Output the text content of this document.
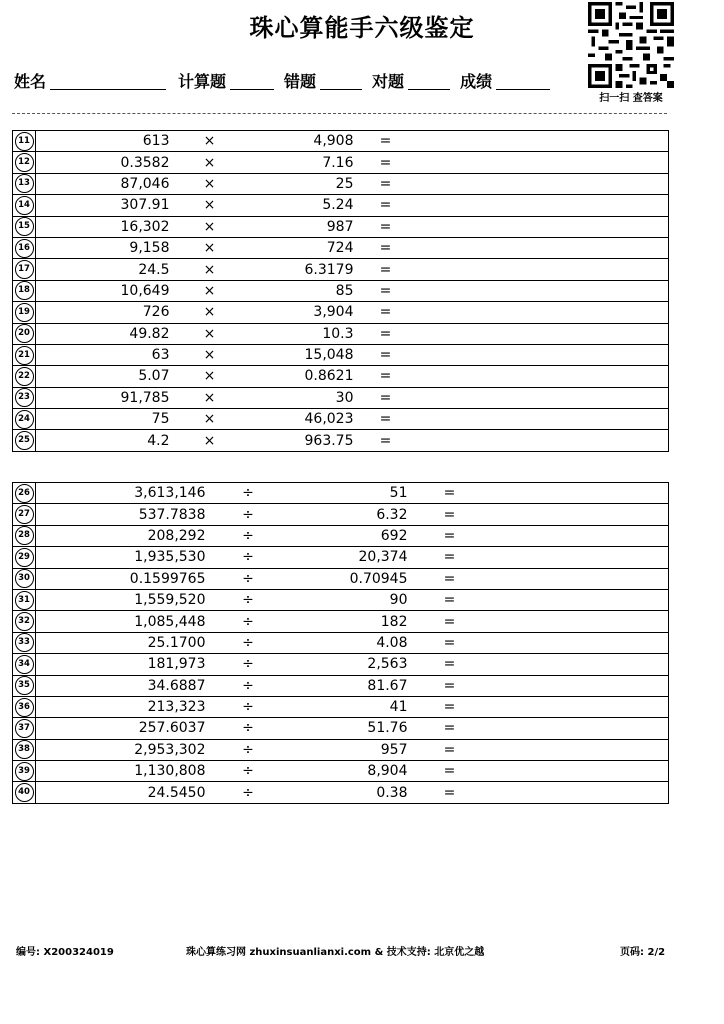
珠心算能手六级鉴定
扫一扫 查答案
姓名	计算题	错题	对题	成绩
11	613	×	4,908	=	
12	0.3582	×	7.16	=	
13	87,046	×	25	=	
14	307.91	×	5.24	=	
15	16,302	×	987	=	
16	9,158	×	724	=	
17	24.5	×	6.3179	=	
18	10,649	×	85	=	
19	726	×	3,904	=	
20	49.82	×	10.3	=	
21	63	×	15,048	=	
22	5.07	×	0.8621	=	
23	91,785	×	30	=	
24	75	×	46,023	=	
25	4.2	×	963.75	=	
26	3,613,146	÷	51	=	
27	537.7838	÷	6.32	=	
28	208,292	÷	692	=	
29	1,935,530	÷	20,374	=	
30	0.1599765	÷	0.70945	=	
31	1,559,520	÷	90	=	
32	1,085,448	÷	182	=	
33	25.1700	÷	4.08	=	
34	181,973	÷	2,563	=	
35	34.6887	÷	81.67	=	
36	213,323	÷	41	=	
37	257.6037	÷	51.76	=	
38	2,953,302	÷	957	=	
39	1,130,808	÷	8,904	=	
40	24.5450	÷	0.38	=	
编号: X200324019	珠心算练习网 zhuxinsuanlianxi.com & 技术支持: 北京优之越	页码: 2/2
